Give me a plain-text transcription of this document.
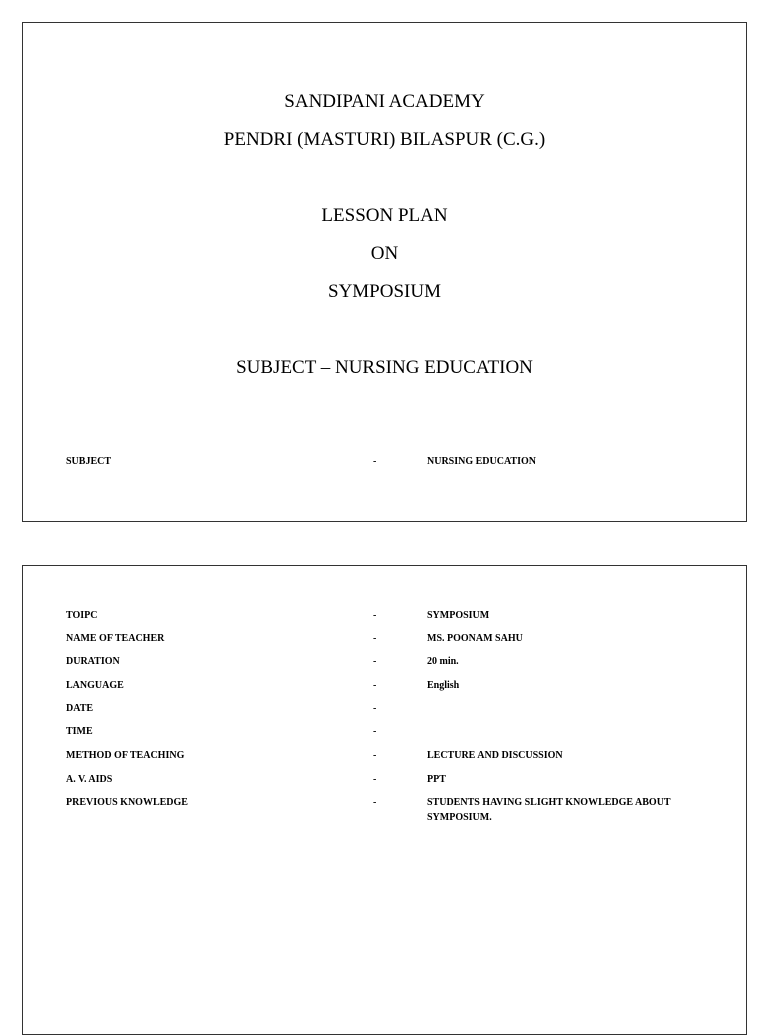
SANDIPANI ACADEMY
PENDRI (MASTURI) BILASPUR (C.G.)
LESSON PLAN
ON
SYMPOSIUM
SUBJECT – NURSING EDUCATION
SUBJECT	-	NURSING EDUCATION
TOIPC	-	SYMPOSIUM
NAME OF TEACHER	-	MS. POONAM SAHU
DURATION	-	20 min.
LANGUAGE	-	English
DATE	-
TIME	-
METHOD OF TEACHING	-	LECTURE AND DISCUSSION
A. V. AIDS	-	PPT
PREVIOUS KNOWLEDGE	-	STUDENTS HAVING SLIGHT KNOWLEDGE ABOUT
SYMPOSIUM.
